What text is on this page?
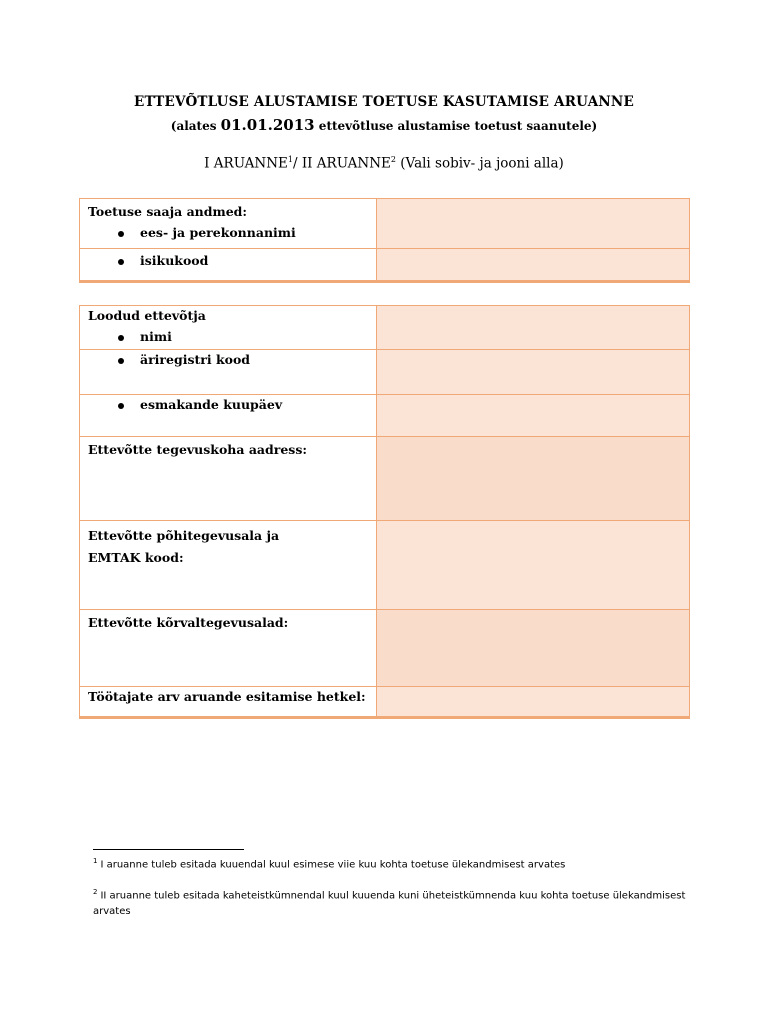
ETTEVÕTLUSE ALUSTAMISE TOETUSE KASUTAMISE ARUANNE
(alates 01.01.2013 ettevõtluse alustamise toetust saanutele)
I ARUANNE$^1$/ II ARUANNE$^2$ (Vali sobiv- ja jooni alla)
Toetuse saaja andmed:
ees- ja perekonnanimi	

isikukood	

Loodud ettevõtja
nimi	

äriregistri kood	

esmakande kuupäev	

Ettevõtte tegevuskoha aadress:	

Ettevõtte põhitegevusala ja
EMTAK kood:	

Ettevõtte kõrvaltegevusalad:	

Töötajate arv aruande esitamise hetkel:	

$^1$ I aruanne tuleb esitada kuuendal kuul esimese viie kuu kohta toetuse ülekandmisest arvates
$^2$ II aruanne tuleb esitada kaheteistkümnendal kuul kuuenda kuni üheteistkümnenda kuu kohta toetuse ülekandmisest arvates
